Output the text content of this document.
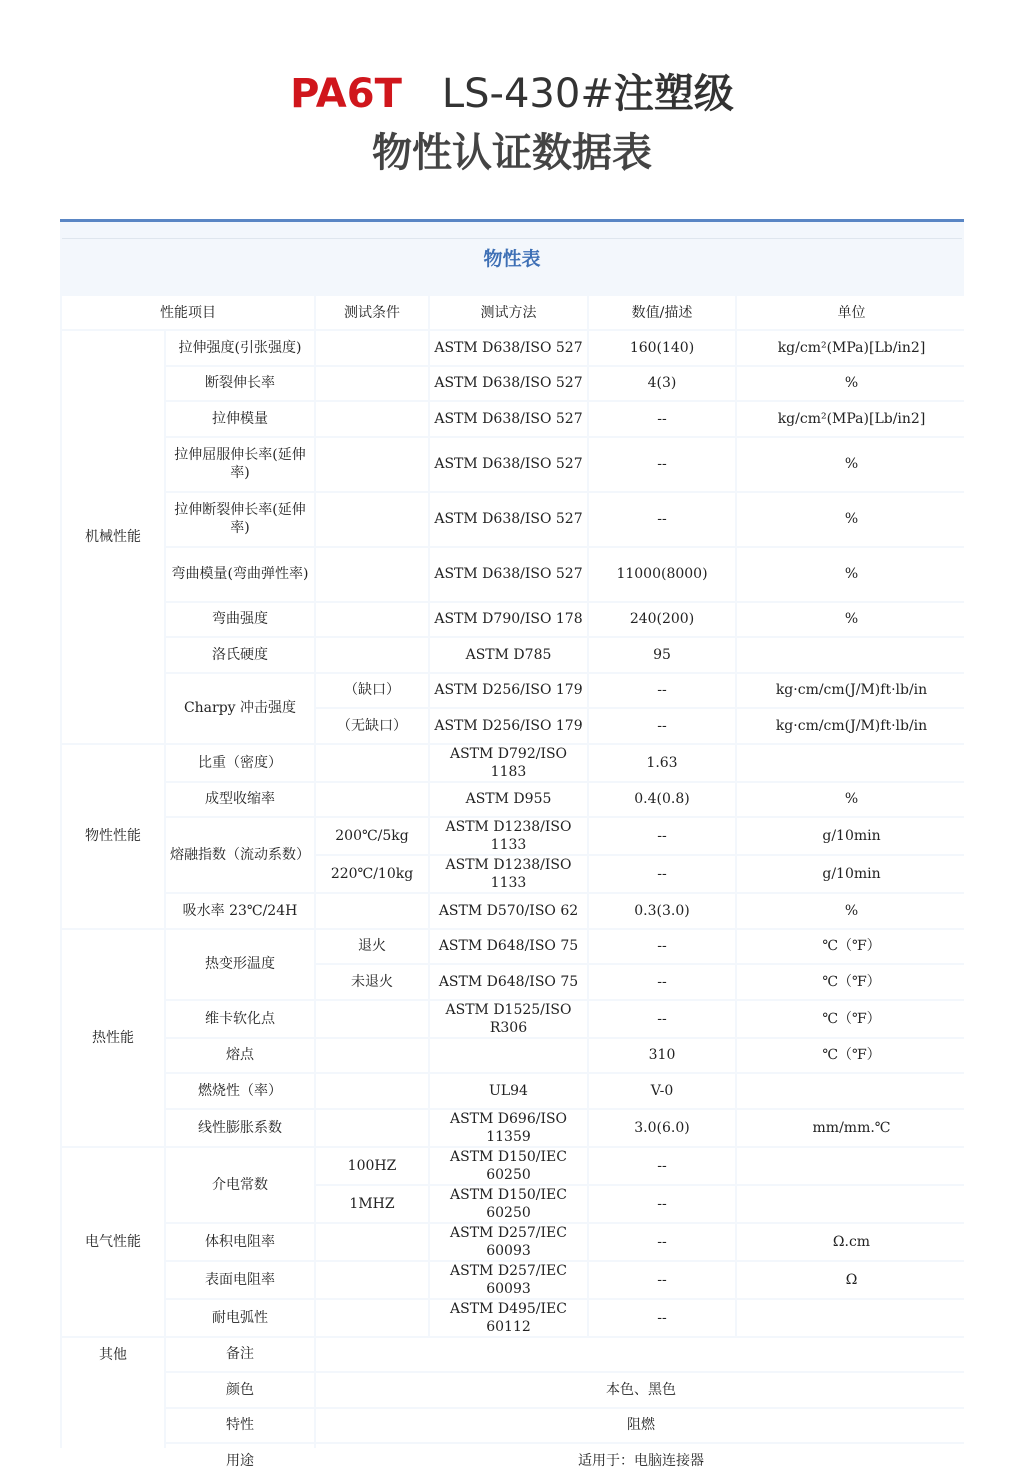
PA6T LS-430#注塑级
物性认证数据表
物性表
性能项目		测试条件	测试方法	数值/描述	单位
机械性能	拉伸强度(引张强度)		ASTM D638/ISO 527	160(140)	kg/cm²(MPa)[Lb/in2]
	断裂伸长率		ASTM D638/ISO 527	4(3)	%
	拉伸模量		ASTM D638/ISO 527	--	kg/cm²(MPa)[Lb/in2]
	拉伸屈服伸长率(延伸率)		ASTM D638/ISO 527	--	%
	拉伸断裂伸长率(延伸率)		ASTM D638/ISO 527	--	%
	弯曲模量(弯曲弹性率)		ASTM D638/ISO 527	11000(8000)	%
	弯曲强度		ASTM D790/ISO 178	240(200)	%
	洛氏硬度		ASTM D785	95	
	Charpy 冲击强度	（缺口）	ASTM D256/ISO 179	--	kg·cm/cm(J/M)ft·lb/in
		（无缺口）	ASTM D256/ISO 179	--	kg·cm/cm(J/M)ft·lb/in
物性性能	比重（密度）		ASTM D792/ISO 1183	1.63	
	成型收缩率		ASTM D955	0.4(0.8)	%
	熔融指数（流动系数）	200℃/5kg	ASTM D1238/ISO 1133	--	g/10min
		220℃/10kg	ASTM D1238/ISO 1133	--	g/10min
	吸水率 23℃/24H		ASTM D570/ISO 62	0.3(3.0)	%
热性能	热变形温度	退火	ASTM D648/ISO 75	--	℃（℉）
		未退火	ASTM D648/ISO 75	--	℃（℉）
	维卡软化点		ASTM D1525/ISO R306	--	℃（℉）
	熔点			310	℃（℉）
	燃烧性（率）		UL94	V-0	
	线性膨胀系数		ASTM D696/ISO 11359	3.0(6.0)	mm/mm.℃
电气性能	介电常数	100HZ	ASTM D150/IEC 60250	--	
		1MHZ	ASTM D150/IEC 60250	--	
	体积电阻率		ASTM D257/IEC 60093	--	Ω.cm
	表面电阻率		ASTM D257/IEC 60093	--	Ω
	耐电弧性		ASTM D495/IEC 60112	--	
其他	备注				
	颜色	本色、黑色			
	特性	阻燃			
	用途	适用于：电脑连接器			
